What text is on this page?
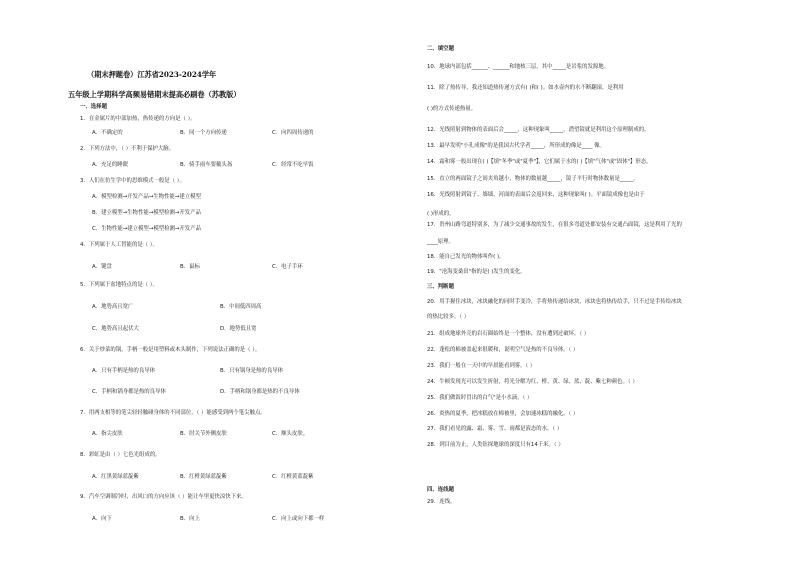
（期末押题卷）江苏省2023-2024学年
五年级上学期科学高频易错期末提高必刷卷（苏教版）
一、选择题
1．在金属片的中部加热，热传递的方向是（ ）。
A．不确定的	B．同一个方向传递	C．向四周传递的
2．下列方法中，（ ）不利于保护大脑。
A．充足的睡眠	B．骑手雨车要戴头盔	C．经常不吃早饭
3．人们在仿生学中的思维模式一般是（ ）。
A．模型检测→开发产品→生物性能→建立模型
B．建立模型→生物性能→模型检测→开发产品
C．生物性能→建立模型→模型检测→开发产品
4．下列属于人工智能的是（ ）。
A．键盘	B．鼠标	C．电子手环
5．下列属于盆地特点的是（ ）。
A．地势高且宽广	B．中间低四周高
C．地势高且起伏大	D．地势低且宽
6．关于炒菜的锅，手柄一般是用塑料或木头制作，下列说法正确的是（ ）。
A．只有手柄是热的良导体	B．只有锅身是热的良导体
C．手柄和锅身都是热的良导体	D．手柄和锅身都是热的不良导体
7．用两支相等的笔尖轻轻触碰身体的不同部位，（ ）能感受到两个笔尖触点。
A．指尖皮肤	B．肘关节外侧皮肤	C．额头皮肤。
8．彩虹是由（ ）七色光组成的。
A．红黑黄绿蓝靛紫	B．红橙黄绿蓝靛紫	C．红橙黄蓝靛紫
9．汽车空调制冷时，出风口的方向应该（ ）能让车里更快凉快下来。
A．向下	B．向上	C．向上或向下都一样
二、填空题
10．地球内部包括______、______和地核三层，其中_____是岩浆的发源地。
11．除了热传导，我还知道热传递方式有( )和( )。如水壶内的水不断翻滚，是利用
( )的方式传递热量。
12．光线照射到物体的表面后会_____，这种现象叫_____，潜望镜就是利用这个原理制成的。
13．最早发明"小孔成像"的是我国古代学者_____，所形成的像是____ 像。
14．霜和雾一般出现在( )【填"冬季"或"夏季"】，它们属于水的( )【填"气体"或"固体"】形态。
15．直立的两面镜子之间夹角越小，物体的数量越_____，镜子平行时物体数量是_____。
16．光线照射到镜子、墙墙、河面的表面后会返回来，这种现象叫( )。平面镜成像也是由于
( )形成的。
17．贵州山路弯道特别多，为了减少交通事故的发生，在很多弯道处都安装有交通凸面镜，这是利用了光的
____原理。
18．能自己发光的物体叫作( )。
19．"沧海变桑田"指的是( )发生的变化。
三、判断题
20．用手握住冰块，冰块融化的同时手变冷，手将热传递给冰块，冰块也将热传给手，只不过是手传给冰块
的热比较多。（ ）
21．组成地球外壳的岩石圈始终是一个整体，没有遭到过破坏。（ ）
22．蓬松的棉被盖起来很暖和，说明空气是热的不良导体。（ ）
23．我们一般在一天中的早晨能看到雾。（ ）
24．牛顿发现光可以发生折射，将光分解为红、橙、黄、绿、蓝、靛、紫七种颜色。（ ）
25．我们做饭时冒出的白气"是小水滴。（ ）
26．炎热的夏季，把冰糕放在棉被里，会加速冰糕的融化。（ ）
27．我们看见的露、霜、雾、雪、雨都是液态的水。（ ）
28．到目前为止，人类钻探地球的深度只有14千米。（ ）
四、连线题
29．连线。
